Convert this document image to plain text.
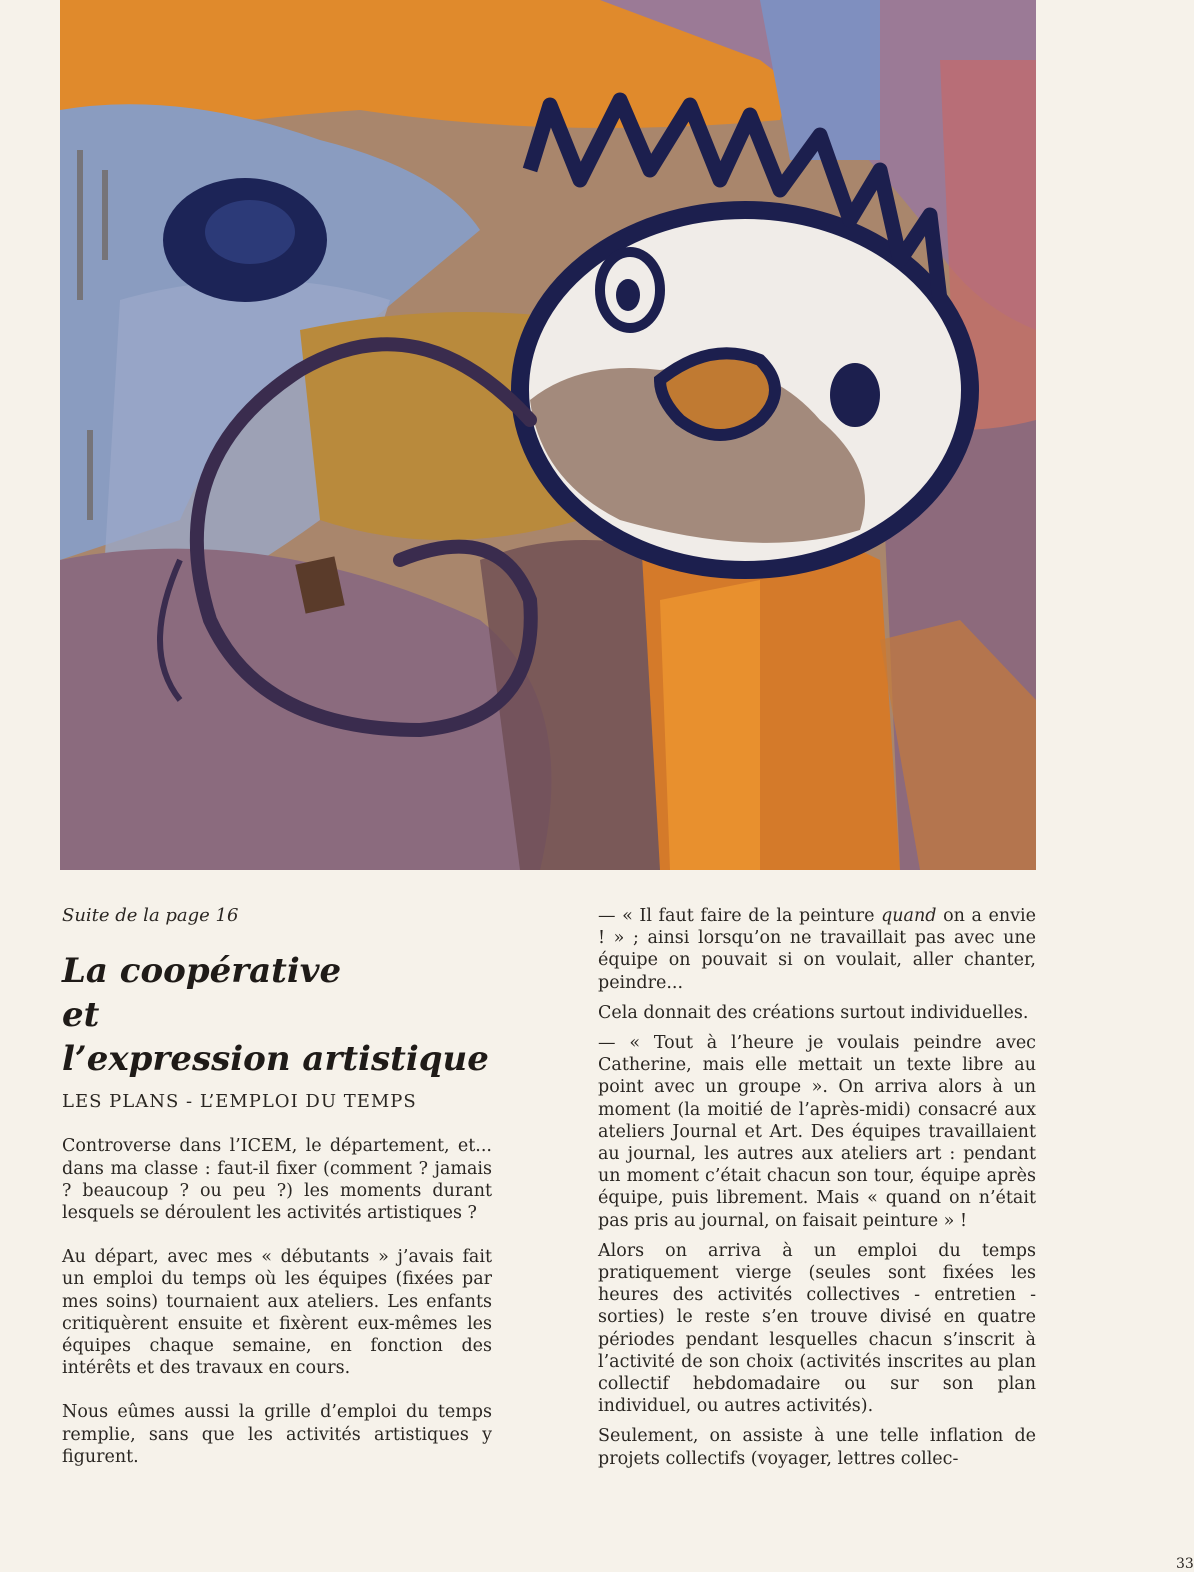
Suite de la page 16

La coopérative
et
l’expression artistique

LES PLANS - L’EMPLOI DU TEMPS

Controverse dans l’ICEM, le département, et... dans ma classe : faut-il fixer (comment ? jamais ? beaucoup ? ou peu ?) les moments durant lesquels se déroulent les activités artistiques ?

Au départ, avec mes « débutants » j’avais fait un emploi du temps où les équipes (fixées par mes soins) tournaient aux ateliers. Les enfants critiquèrent ensuite et fixèrent eux-mêmes les équipes chaque semaine, en fonction des intérêts et des travaux en cours.

Nous eûmes aussi la grille d’emploi du temps remplie, sans que les activités artistiques y figurent.

— « Il faut faire de la peinture quand on a envie ! » ; ainsi lorsqu’on ne travaillait pas avec une équipe on pouvait si on voulait, aller chanter, peindre...

Cela donnait des créations surtout individuelles.

— « Tout à l’heure je voulais peindre avec Catherine, mais elle mettait un texte libre au point avec un groupe ». On arriva alors à un moment (la moitié de l’après-midi) consacré aux ateliers Journal et Art. Des équipes travaillaient au journal, les autres aux ateliers art : pendant un moment c’était chacun son tour, équipe après équipe, puis librement. Mais « quand on n’était pas pris au journal, on faisait peinture » !

Alors on arriva à un emploi du temps pratiquement vierge (seules sont fixées les heures des activités collectives - entretien - sorties) le reste s’en trouve divisé en quatre périodes pendant lesquelles chacun s’inscrit à l’activité de son choix (activités inscrites au plan collectif hebdomadaire ou sur son plan individuel, ou autres activités).

Seulement, on assiste à une telle inflation de projets collectifs (voyager, lettres collec-

33
